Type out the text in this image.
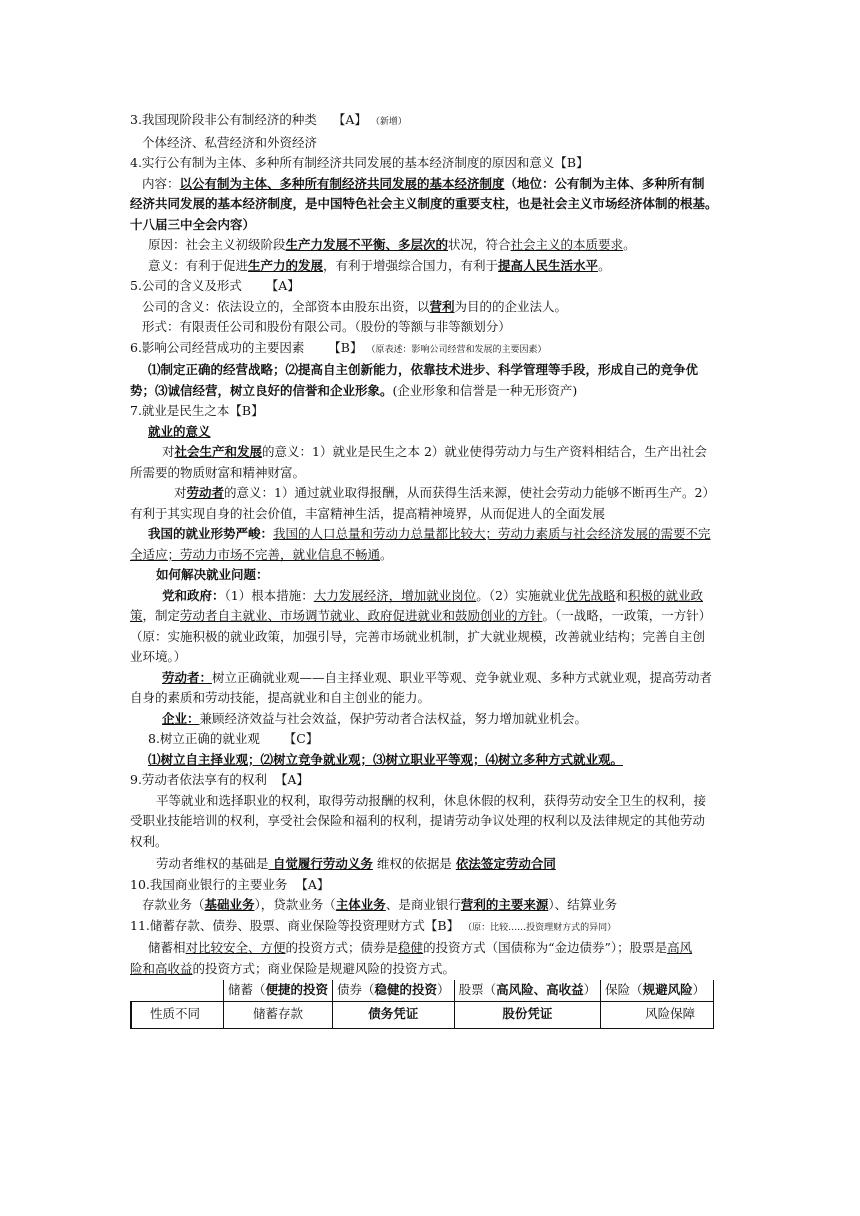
3.我国现阶段非公有制经济的种类 【A】 （新增）
个体经济、私营经济和外资经济
4.实行公有制为主体、多种所有制经济共同发展的基本经济制度的原因和意义【B】
内容：以公有制为主体、多种所有制经济共同发展的基本经济制度（地位：公有制为主体、多种所有制
经济共同发展的基本经济制度，是中国特色社会主义制度的重要支柱，也是社会主义市场经济体制的根基。
十八届三中全会内容）
原因：社会主义初级阶段生产力发展不平衡、多层次的状况，符合社会主义的本质要求。
意义：有利于促进生产力的发展，有利于增强综合国力，有利于提高人民生活水平。
5.公司的含义及形式 【A】
公司的含义：依法设立的，全部资本由股东出资，以营利为目的的企业法人。
形式：有限责任公司和股份有限公司。（股份的等额与非等额划分）
6.影响公司经营成功的主要因素 【B】 （原表述：影响公司经营和发展的主要因素）
⑴制定正确的经营战略；⑵提高自主创新能力，依靠技术进步、科学管理等手段，形成自己的竞争优
势；⑶诚信经营，树立良好的信誉和企业形象。(企业形象和信誉是一种无形资产)
7.就业是民生之本【B】
就业的意义
对社会生产和发展的意义：1）就业是民生之本 2）就业使得劳动力与生产资料相结合，生产出社会
所需要的物质财富和精神财富。
对劳动者的意义：1）通过就业取得报酬，从而获得生活来源，使社会劳动力能够不断再生产。2）
有利于其实现自身的社会价值，丰富精神生活，提高精神境界，从而促进人的全面发展
我国的就业形势严峻：我国的人口总量和劳动力总量都比较大；劳动力素质与社会经济发展的需要不完
全适应；劳动力市场不完善，就业信息不畅通。
如何解决就业问题：
党和政府：（1）根本措施：大力发展经济，增加就业岗位。（2）实施就业优先战略和积极的就业政
策，制定劳动者自主就业、市场调节就业、政府促进就业和鼓励创业的方针。（一战略，一政策，一方针）
（原：实施积极的就业政策，加强引导，完善市场就业机制，扩大就业规模，改善就业结构；完善自主创
业环境。）
劳动者：树立正确就业观——自主择业观、职业平等观、竞争就业观、多种方式就业观，提高劳动者
自身的素质和劳动技能，提高就业和自主创业的能力。
企业：兼顾经济效益与社会效益，保护劳动者合法权益，努力增加就业机会。
8.树立正确的就业观 【C】
⑴树立自主择业观；⑵树立竞争就业观；⑶树立职业平等观；⑷树立多种方式就业观。
9.劳动者依法享有的权利 【A】
平等就业和选择职业的权利，取得劳动报酬的权利，休息休假的权利，获得劳动安全卫生的权利，接
受职业技能培训的权利，享受社会保险和福利的权利，提请劳动争议处理的权利以及法律规定的其他劳动
权利。
劳动者维权的基础是 自觉履行劳动义务 维权的依据是 依法签定劳动合同
10.我国商业银行的主要业务 【A】
存款业务（基础业务），贷款业务（主体业务、是商业银行营利的主要来源）、结算业务
11.储蓄存款、债券、股票、商业保险等投资理财方式【B】 （原：比较……投资理财方式的异同）
储蓄相对比较安全、方便的投资方式；债券是稳健的投资方式（国债称为“金边债券”）；股票是高风
险和高收益的投资方式；商业保险是规避风险的投资方式。
	储蓄（便捷的投资	债券（稳健的投资）	股票（高风险、高收益）	保险（规避风险）
性质不同	储蓄存款	债务凭证	股份凭证	风险保障
